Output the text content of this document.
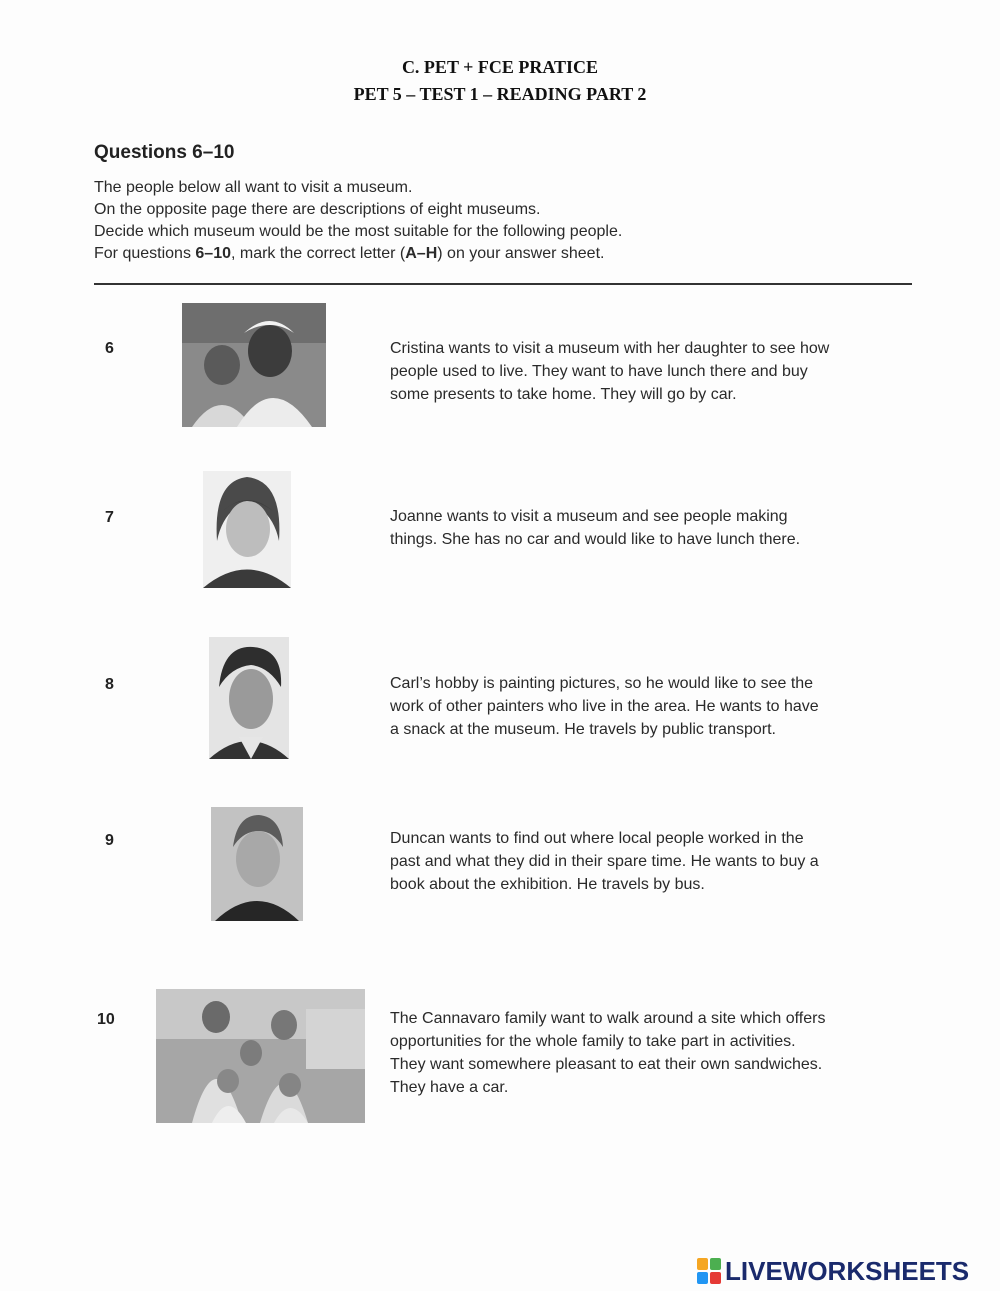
C. PET + FCE PRATICE
PET 5 – TEST 1 – READING PART 2
Questions 6–10
The people below all want to visit a museum.
On the opposite page there are descriptions of eight museums.
Decide which museum would be the most suitable for the following people.
For questions 6–10, mark the correct letter (A–H) on your answer sheet.
6	Cristina wants to visit a museum with her daughter to see how
people used to live. They want to have lunch there and buy
some presents to take home. They will go by car.
7	Joanne wants to visit a museum and see people making
things. She has no car and would like to have lunch there.
8	Carl’s hobby is painting pictures, so he would like to see the
work of other painters who live in the area. He wants to have
a snack at the museum. He travels by public transport.
9	Duncan wants to find out where local people worked in the
past and what they did in their spare time. He wants to buy a
book about the exhibition. He travels by bus.
10	The Cannavaro family want to walk around a site which offers
opportunities for the whole family to take part in activities.
They want somewhere pleasant to eat their own sandwiches.
They have a car.
LIVEWORKSHEETS
